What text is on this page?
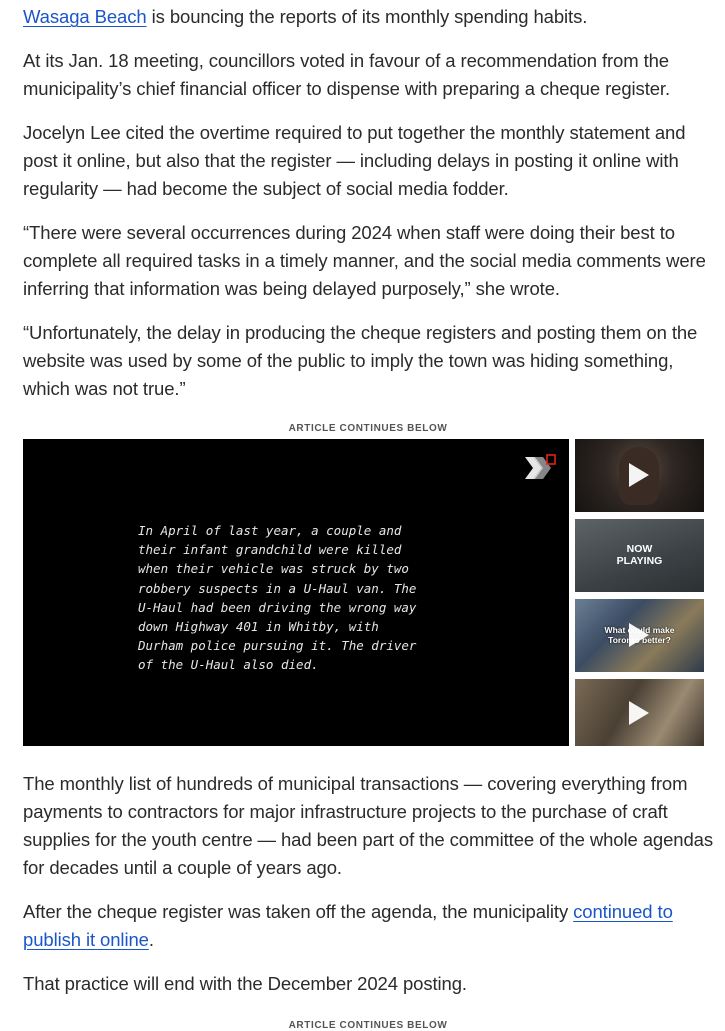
Wasaga Beach is bouncing the reports of its monthly spending habits.

At its Jan. 18 meeting, councillors voted in favour of a recommendation from the municipality’s chief financial officer to dispense with preparing a cheque register.

Jocelyn Lee cited the overtime required to put together the monthly statement and post it online, but also that the register — including delays in posting it online with regularity — had become the subject of social media fodder.

“There were several occurrences during 2024 when staff were doing their best to complete all required tasks in a timely manner, and the social media comments were inferring that information was being delayed purposely,” she wrote.

“Unfortunately, the delay in producing the cheque registers and posting them on the website was used by some of the public to imply the town was hiding something, which was not true.”

ARTICLE CONTINUES BELOW

The monthly list of hundreds of municipal transactions — covering everything from payments to contractors for major infrastructure projects to the purchase of craft supplies for the youth centre — had been part of the committee of the whole agendas for decades until a couple of years ago.

After the cheque register was taken off the agenda, the municipality continued to publish it online.

That practice will end with the December 2024 posting.

ARTICLE CONTINUES BELOW
In April of last year, a couple and
their infant grandchild were killed
when their vehicle was struck by two
robbery suspects in a U-Haul van. The
U-Haul had been driving the wrong way
down Highway 401 in Whitby, with
Durham police pursuing it. The driver
of the U-Haul also died.
NOW
PLAYING
What could make
Toronto better?
